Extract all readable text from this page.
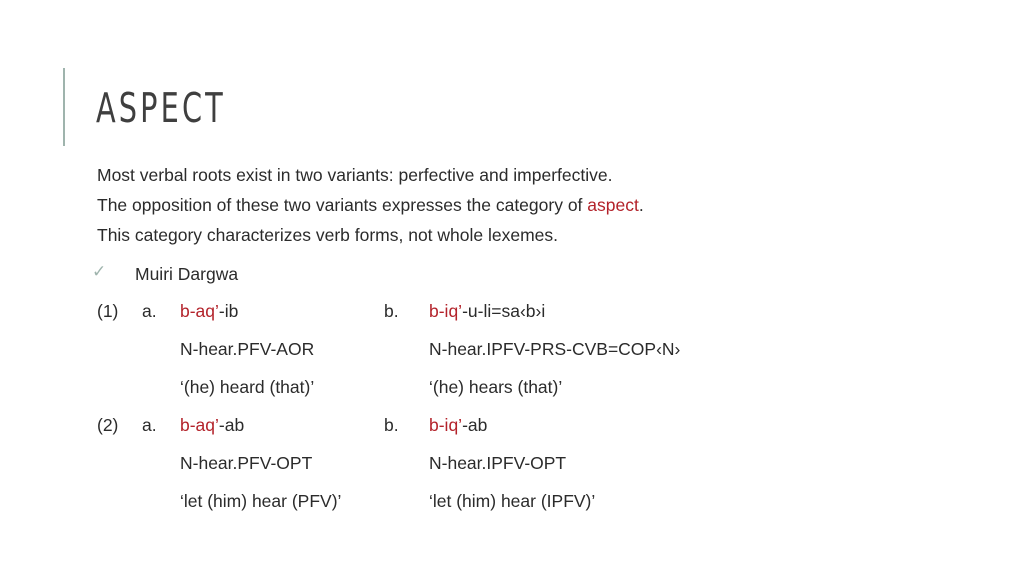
ASPECT
Most verbal roots exist in two variants: perfective and imperfective.
The opposition of these two variants expresses the category of aspect.
This category characterizes verb forms, not whole lexemes.
✓ Muiri Dargwa
(1) a. b-aq’-ib
N-hear.PFV-AOR
‘(he) heard (that)’
b. b-iq’-u-li=sa‹b›i
N-hear.IPFV-PRS-CVB=COP‹N›
‘(he) hears (that)’
(2) a. b-aq’-ab
N-hear.PFV-OPT
‘let (him) hear (PFV)’
b. b-iq’-ab
N-hear.IPFV-OPT
‘let (him) hear (IPFV)’
